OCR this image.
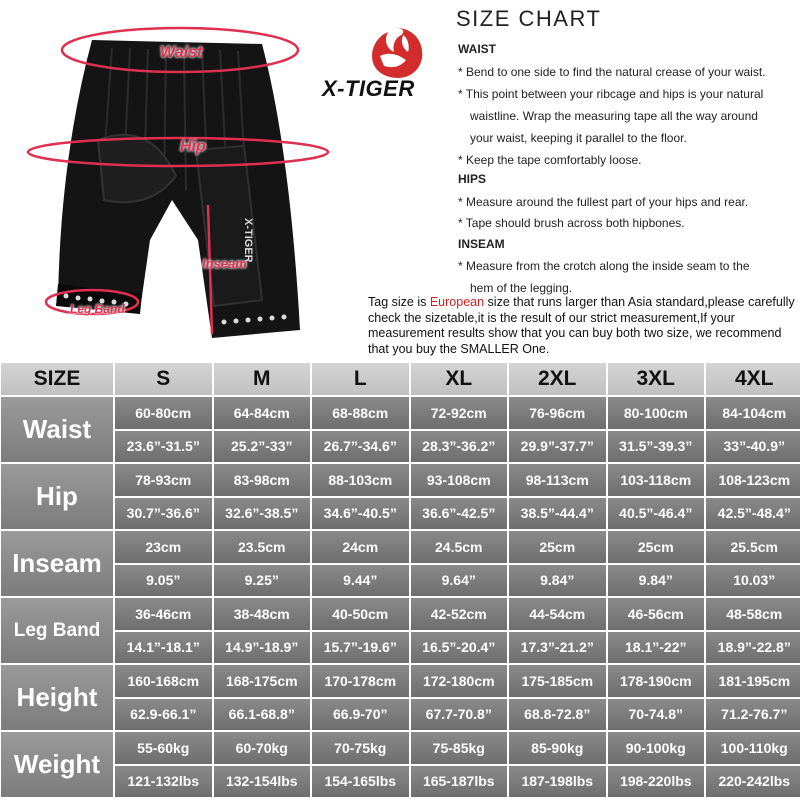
Waist
Hip
Inseam
Leg Band
X-TIGER
X-TIGER
SIZE CHART
WAIST
* Bend to one side to find the natural crease of your waist.
* This point between your ribcage and hips is your natural
waistline. Wrap the measuring tape all the way around
your waist, keeping it parallel to the floor.
* Keep the tape comfortably loose.
HIPS
* Measure around the fullest part of your hips and rear.
* Tape should brush across both hipbones.
INSEAM
* Measure from the crotch along the inside seam to the
hem of the legging.
Tag size is European size that runs larger than Asia standard,please carefully check the sizetable,it is the result of our strict measurement,If your measurement results show that you can buy both two size, we recommend that you buy the SMALLER One.
SIZE	S	M	L	XL	2XL	3XL	4XL
Waist
60-80cm	64-84cm	68-88cm	72-92cm	76-96cm	80-100cm	84-104cm
23.6”-31.5”	25.2”-33”	26.7”-34.6”	28.3”-36.2”	29.9”-37.7”	31.5”-39.3”	33”-40.9”
Hip
78-93cm	83-98cm	88-103cm	93-108cm	98-113cm	103-118cm	108-123cm
30.7”-36.6”	32.6”-38.5”	34.6”-40.5”	36.6”-42.5”	38.5”-44.4”	40.5”-46.4”	42.5”-48.4”
Inseam
23cm	23.5cm	24cm	24.5cm	25cm	25cm	25.5cm
9.05”	9.25”	9.44”	9.64”	9.84”	9.84”	10.03”
Leg Band
36-46cm	38-48cm	40-50cm	42-52cm	44-54cm	46-56cm	48-58cm
14.1”-18.1”	14.9”-18.9”	15.7”-19.6”	16.5”-20.4”	17.3”-21.2”	18.1”-22”	18.9”-22.8”
Height
160-168cm	168-175cm	170-178cm	172-180cm	175-185cm	178-190cm	181-195cm
62.9-66.1”	66.1-68.8”	66.9-70”	67.7-70.8”	68.8-72.8”	70-74.8”	71.2-76.7”
Weight
55-60kg	60-70kg	70-75kg	75-85kg	85-90kg	90-100kg	100-110kg
121-132lbs	132-154lbs	154-165lbs	165-187lbs	187-198lbs	198-220lbs	220-242lbs
